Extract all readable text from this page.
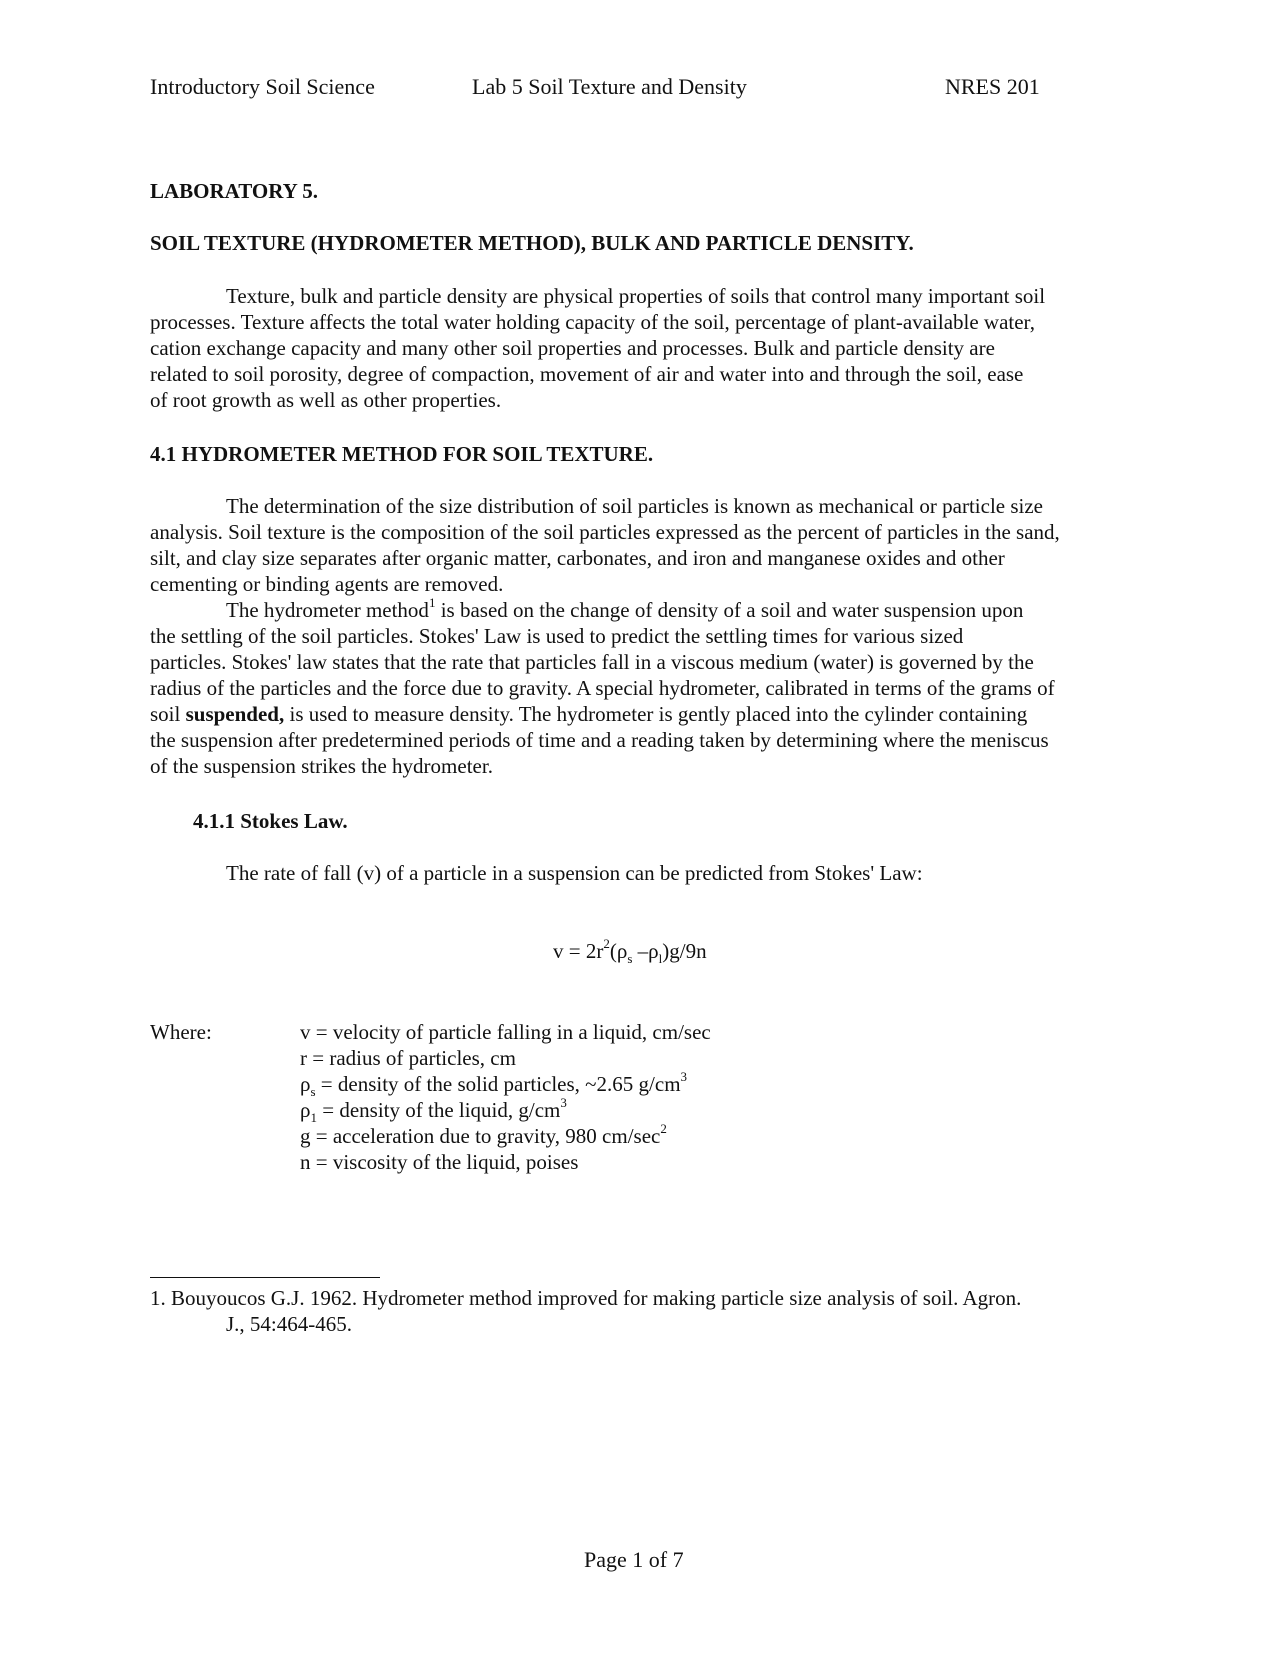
Introductory Soil Science	Lab 5 Soil Texture and Density	NRES 201
LABORATORY 5.
SOIL TEXTURE (HYDROMETER METHOD), BULK AND PARTICLE DENSITY.
Texture, bulk and particle density are physical properties of soils that control many important soil
processes. Texture affects the total water holding capacity of the soil, percentage of plant-available water,
cation exchange capacity and many other soil properties and processes. Bulk and particle density are
related to soil porosity, degree of compaction, movement of air and water into and through the soil, ease
of root growth as well as other properties.
4.1 HYDROMETER METHOD FOR SOIL TEXTURE.
The determination of the size distribution of soil particles is known as mechanical or particle size
analysis. Soil texture is the composition of the soil particles expressed as the percent of particles in the sand,
silt, and clay size separates after organic matter, carbonates, and iron and manganese oxides and other
cementing or binding agents are removed.
The hydrometer method$^1$ is based on the change of density of a soil and water suspension upon
the settling of the soil particles. Stokes' Law is used to predict the settling times for various sized
particles. Stokes' law states that the rate that particles fall in a viscous medium (water) is governed by the
radius of the particles and the force due to gravity. A special hydrometer, calibrated in terms of the grams of
soil suspended, is used to measure density. The hydrometer is gently placed into the cylinder containing
the suspension after predetermined periods of time and a reading taken by determining where the meniscus
of the suspension strikes the hydrometer.
4.1.1 Stokes Law.
The rate of fall (v) of a particle in a suspension can be predicted from Stokes' Law:
$v = 2r^2(\rho_s$ $-\rho_l)g/9n$
Where:	v = velocity of particle falling in a liquid, cm/sec
r = radius of particles, cm
$\rho_s$ = density of the solid particles, ~2.65 $g/cm^3$
$\rho_1$ = density of the liquid, $g/cm^3$
g = acceleration due to gravity, 980 $cm/\sec^2$
n = viscosity of the liquid, poises
1. Bouyoucos G.J. 1962. Hydrometer method improved for making particle size analysis of soil. Agron.
J., 54:464-465.
Page 1 of 7
